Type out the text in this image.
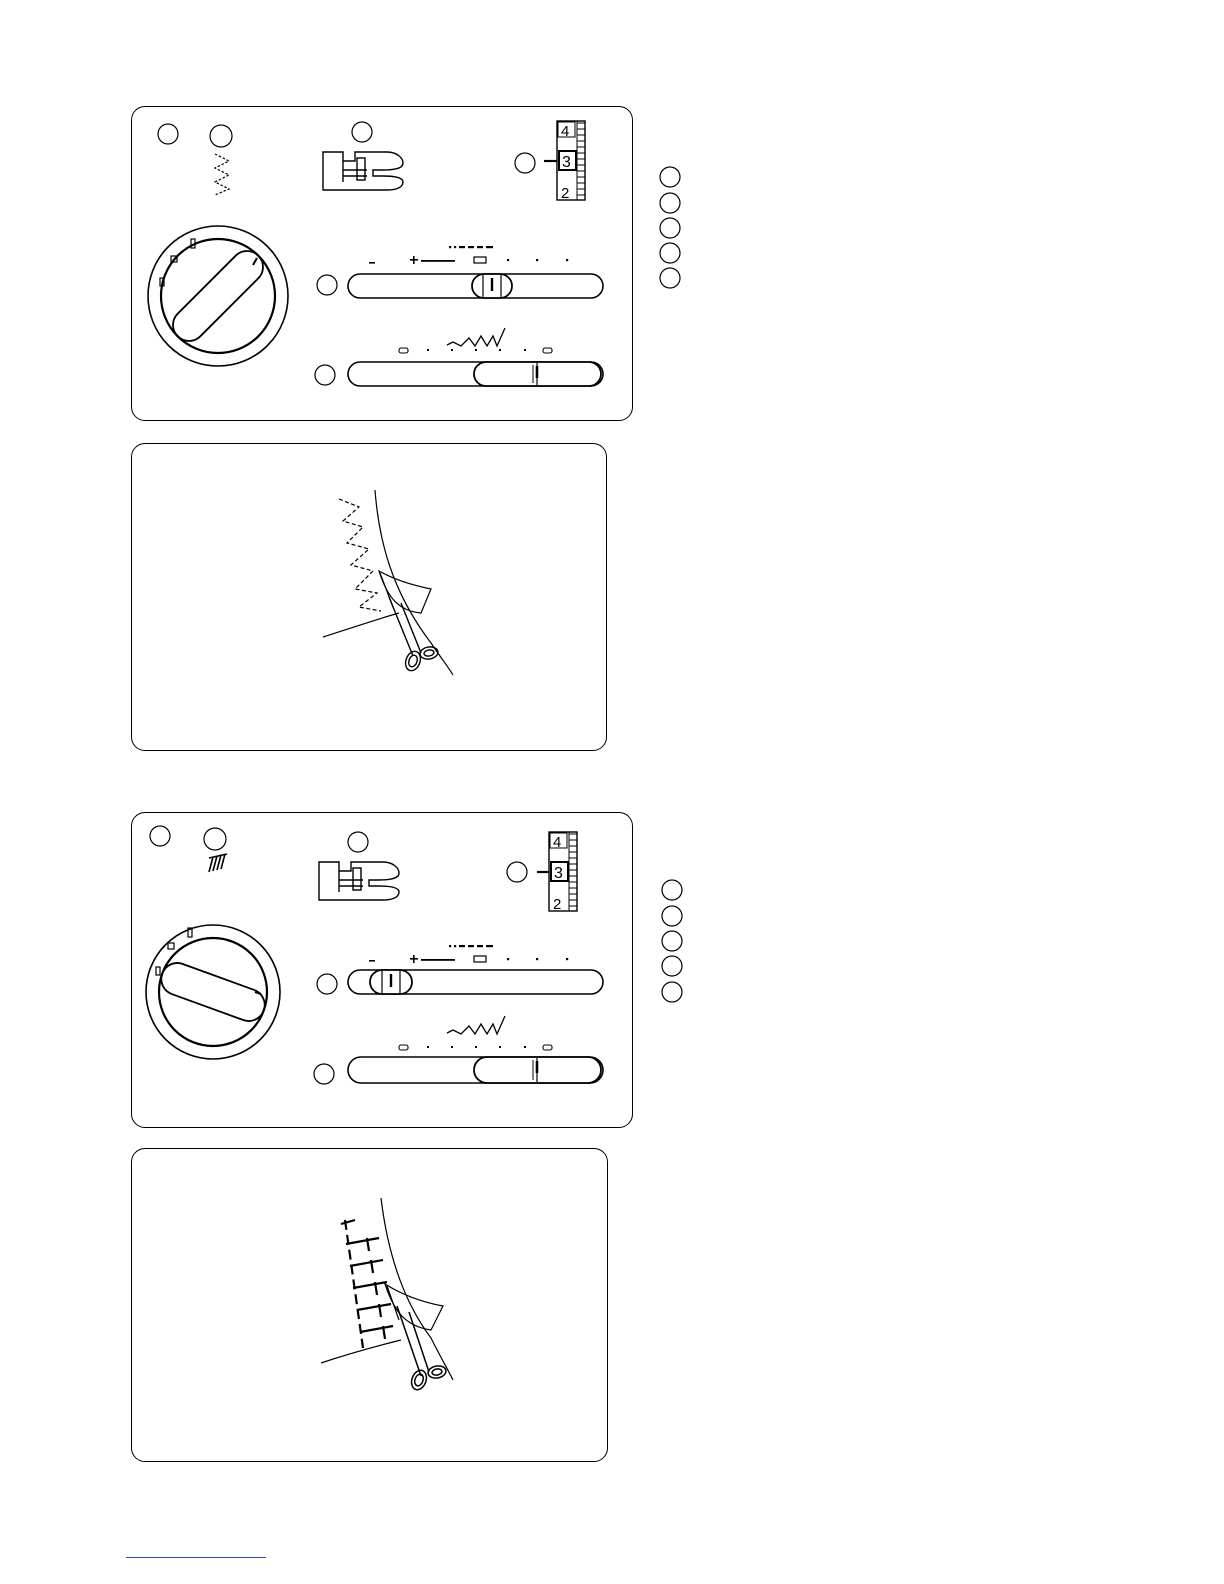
4
3
2
4
3
2
